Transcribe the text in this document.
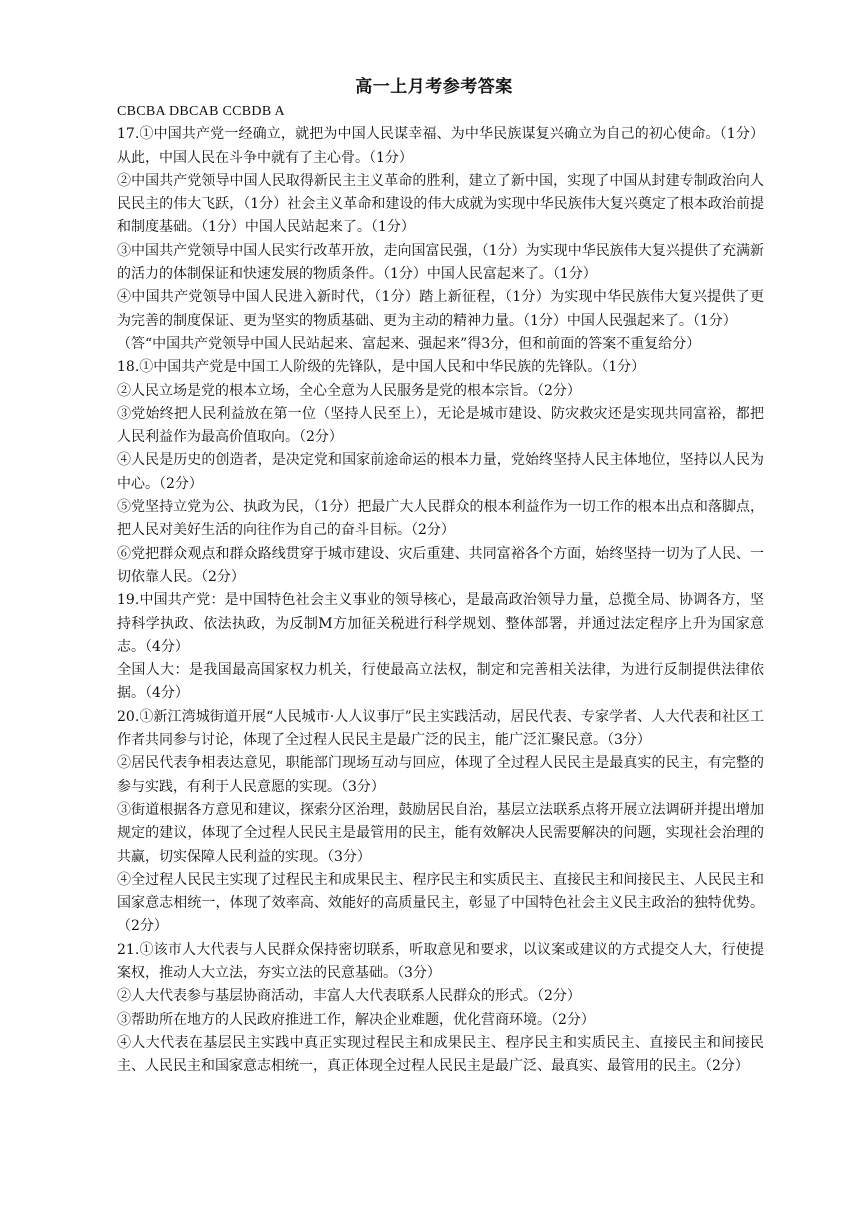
高一上月考参考答案

CBCBA DBCAB CCBDB A

17.①中国共产党一经确立，就把为中国人民谋幸福、为中华民族谋复兴确立为自己的初心使命。（1分）从此，中国人民在斗争中就有了主心骨。（1分）

②中国共产党领导中国人民取得新民主主义革命的胜利，建立了新中国，实现了中国从封建专制政治向人民民主的伟大飞跃，（1分）社会主义革命和建设的伟大成就为实现中华民族伟大复兴奠定了根本政治前提和制度基础。（1分）中国人民站起来了。（1分）

③中国共产党领导中国人民实行改革开放，走向国富民强，（1分）为实现中华民族伟大复兴提供了充满新的活力的体制保证和快速发展的物质条件。（1分）中国人民富起来了。（1分）

④中国共产党领导中国人民进入新时代，（1分）踏上新征程，（1分）为实现中华民族伟大复兴提供了更为完善的制度保证、更为坚实的物质基础、更为主动的精神力量。（1分）中国人民强起来了。（1分）

（答“中国共产党领导中国人民站起来、富起来、强起来”得3分，但和前面的答案不重复给分）

18.①中国共产党是中国工人阶级的先锋队，是中国人民和中华民族的先锋队。（1分）

②人民立场是党的根本立场，全心全意为人民服务是党的根本宗旨。（2分）

③党始终把人民利益放在第一位（坚持人民至上），无论是城市建设、防灾救灾还是实现共同富裕，都把人民利益作为最高价值取向。（2分）

④人民是历史的创造者，是决定党和国家前途命运的根本力量，党始终坚持人民主体地位，坚持以人民为中心。（2分）

⑤党坚持立党为公、执政为民，（1分）把最广大人民群众的根本利益作为一切工作的根本出点和落脚点，把人民对美好生活的向往作为自己的奋斗目标。（2分）

⑥党把群众观点和群众路线贯穿于城市建设、灾后重建、共同富裕各个方面，始终坚持一切为了人民、一切依靠人民。（2分）

19.中国共产党：是中国特色社会主义事业的领导核心，是最高政治领导力量，总揽全局、协调各方，坚持科学执政、依法执政，为反制M方加征关税进行科学规划、整体部署，并通过法定程序上升为国家意志。（4分）

全国人大：是我国最高国家权力机关，行使最高立法权，制定和完善相关法律，为进行反制提供法律依据。（4分）

20.①新江湾城街道开展“人民城市·人人议事厅”民主实践活动，居民代表、专家学者、人大代表和社区工作者共同参与讨论，体现了全过程人民民主是最广泛的民主，能广泛汇聚民意。（3分）

②居民代表争相表达意见，职能部门现场互动与回应，体现了全过程人民民主是最真实的民主，有完整的参与实践，有利于人民意愿的实现。（3分）

③街道根据各方意见和建议，探索分区治理，鼓励居民自治，基层立法联系点将开展立法调研并提出增加规定的建议，体现了全过程人民民主是最管用的民主，能有效解决人民需要解决的问题，实现社会治理的共赢，切实保障人民利益的实现。（3分）

④全过程人民民主实现了过程民主和成果民主、程序民主和实质民主、直接民主和间接民主、人民民主和国家意志相统一，体现了效率高、效能好的高质量民主，彰显了中国特色社会主义民主政治的独特优势。（2分）

21.①该市人大代表与人民群众保持密切联系，听取意见和要求，以议案或建议的方式提交人大，行使提案权，推动人大立法，夯实立法的民意基础。（3分）

②人大代表参与基层协商活动，丰富人大代表联系人民群众的形式。（2分）

③帮助所在地方的人民政府推进工作，解决企业难题，优化营商环境。（2分）

④人大代表在基层民主实践中真正实现过程民主和成果民主、程序民主和实质民主、直接民主和间接民主、人民民主和国家意志相统一，真正体现全过程人民民主是最广泛、最真实、最管用的民主。（2分）
